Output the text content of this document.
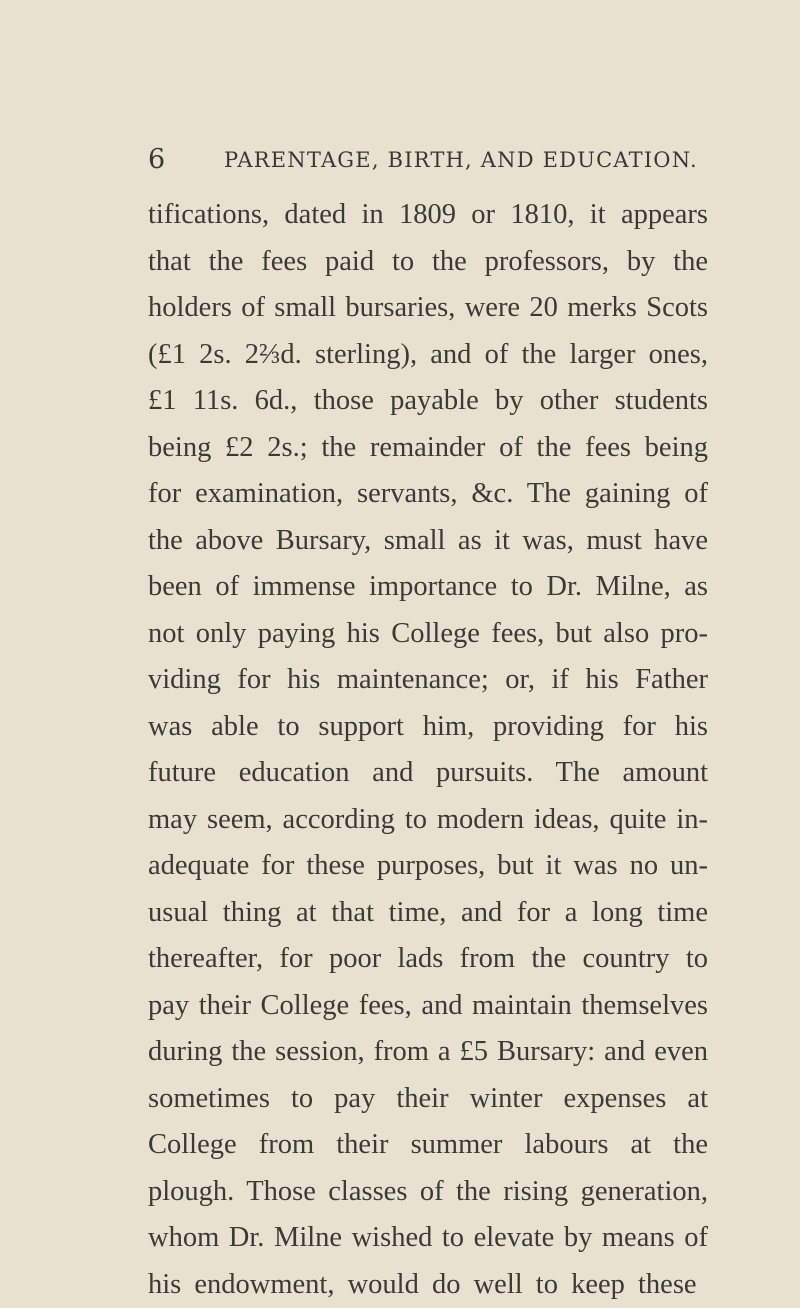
6	PARENTAGE, BIRTH, AND EDUCATION.
tifications, dated in 1809 or 1810, it appears
that the fees paid to the professors, by the
holders of small bursaries, were 20 merks Scots
(£1 2s. 2⅔d. sterling), and of the larger ones,
£1 11s. 6d., those payable by other students
being £2 2s.; the remainder of the fees being
for examination, servants, &c. The gaining of
the above Bursary, small as it was, must have
been of immense importance to Dr. Milne, as
not only paying his College fees, but also pro-
viding for his maintenance; or, if his Father
was able to support him, providing for his
future education and pursuits. The amount
may seem, according to modern ideas, quite in-
adequate for these purposes, but it was no un-
usual thing at that time, and for a long time
thereafter, for poor lads from the country to
pay their College fees, and maintain themselves
during the session, from a £5 Bursary: and even
sometimes to pay their winter expenses at
College from their summer labours at the
plough. Those classes of the rising generation,
whom Dr. Milne wished to elevate by means of
his endowment, would do well to keep these
